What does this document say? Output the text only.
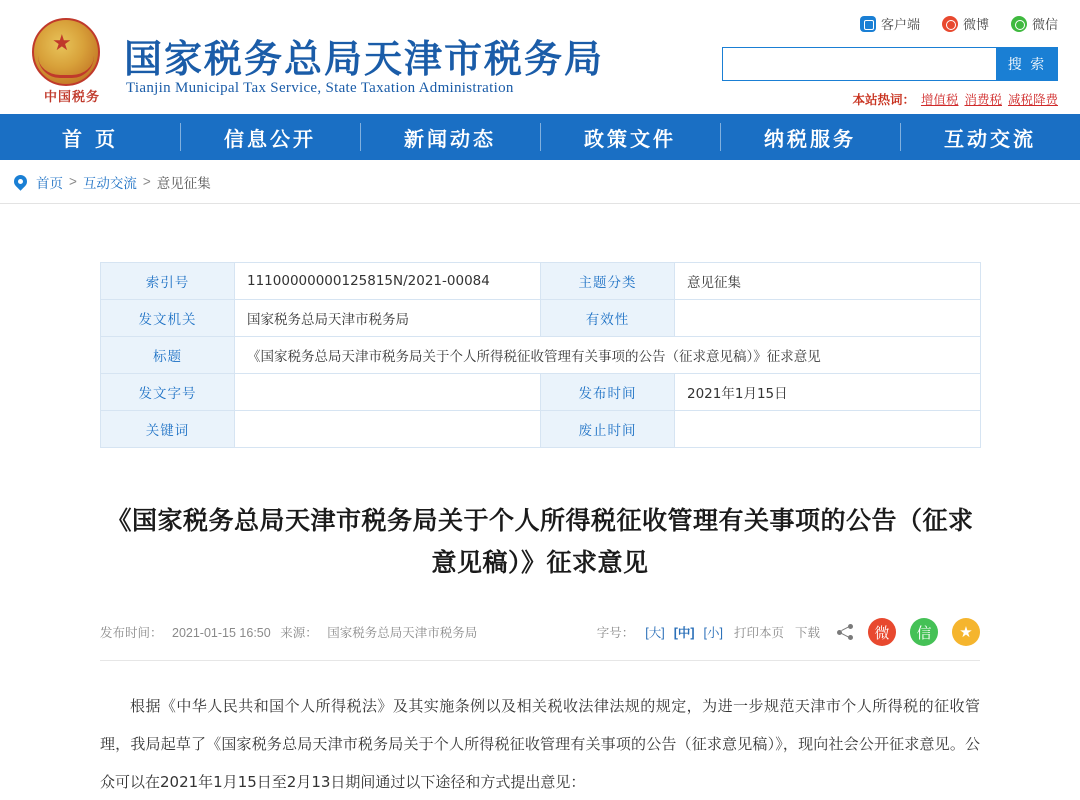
★
中国税务
国家税务总局天津市税务局
Tianjin Municipal Tax Service, State Taxation Administration
客户端	微博	微信
搜 索
本站热词： 增值税 消费税 减税降费
首 页	信息公开	新闻动态	政策文件	纳税服务	互动交流
首页 > 互动交流 > 意见征集
索引号	11100000000125815N/2021-00084	主题分类	意见征集
发文机关	国家税务总局天津市税务局	有效性	
标题	《国家税务总局天津市税务局关于个人所得税征收管理有关事项的公告（征求意见稿）》征求意见		
发文字号		发布时间	2021年1月15日
关键词		废止时间	
《国家税务总局天津市税务局关于个人所得税征收管理有关事项的公告（征求意见稿）》征求意见
发布时间： 2021-01-15 16:50 来源： 国家税务总局天津市税务局	字号： [大] [中] [小] 打印本页 下载	微	信	★

根据《中华人民共和国个人所得税法》及其实施条例以及相关税收法律法规的规定，为进一步规范天津市个人所得税的征收管理，我局起草了《国家税务总局天津市税务局关于个人所得税征收管理有关事项的公告（征求意见稿）》，现向社会公开征求意见。公众可以在2021年1月15日至2月13日期间通过以下途径和方式提出意见：
